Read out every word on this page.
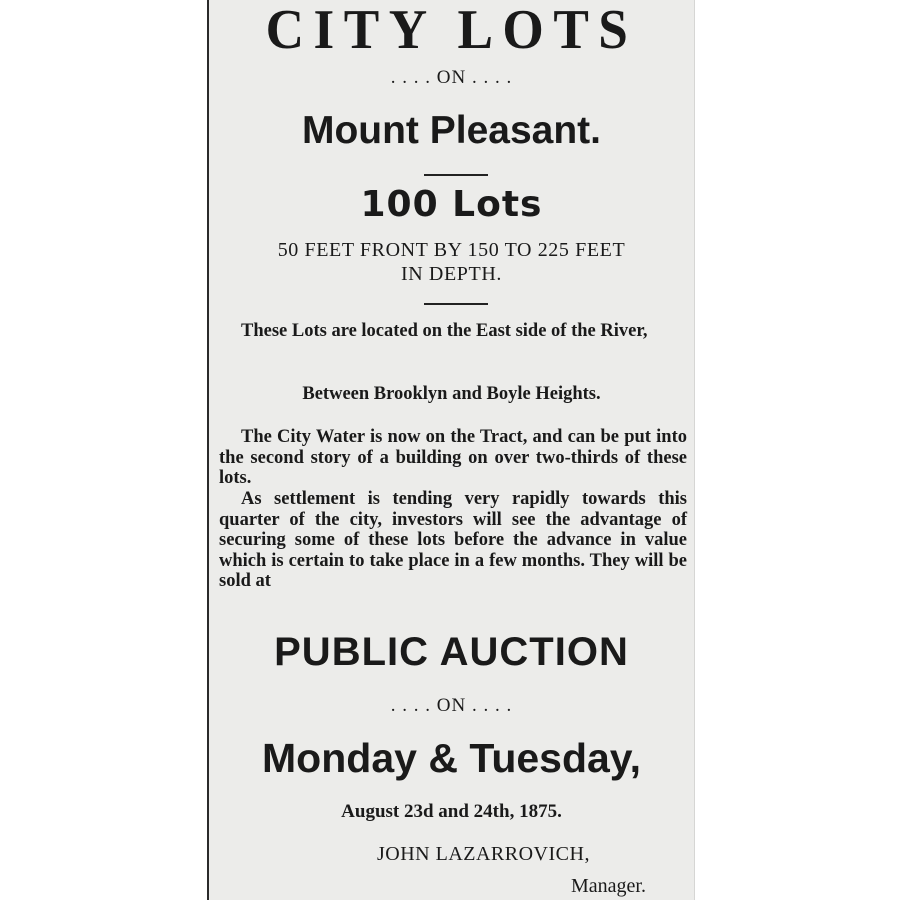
CITY LOTS
. . . . ON . . . .
Mount Pleasant.
100 Lots
50 FEET FRONT BY 150 TO 225 FEET
IN DEPTH.
These Lots are located on the East side of the River,
Between Brooklyn and Boyle Heights.
The City Water is now on the Tract, and can be put into the second story of a building on over two-thirds of these lots.
As settlement is tending very rapidly towards this quarter of the city, investors will see the advantage of securing some of these lots before the advance in value which is certain to take place in a few months. They will be sold at
PUBLIC AUCTION
. . . . ON . . . .
Monday & Tuesday,
August 23d and 24th, 1875.
JOHN LAZARROVICH,
Manager.
